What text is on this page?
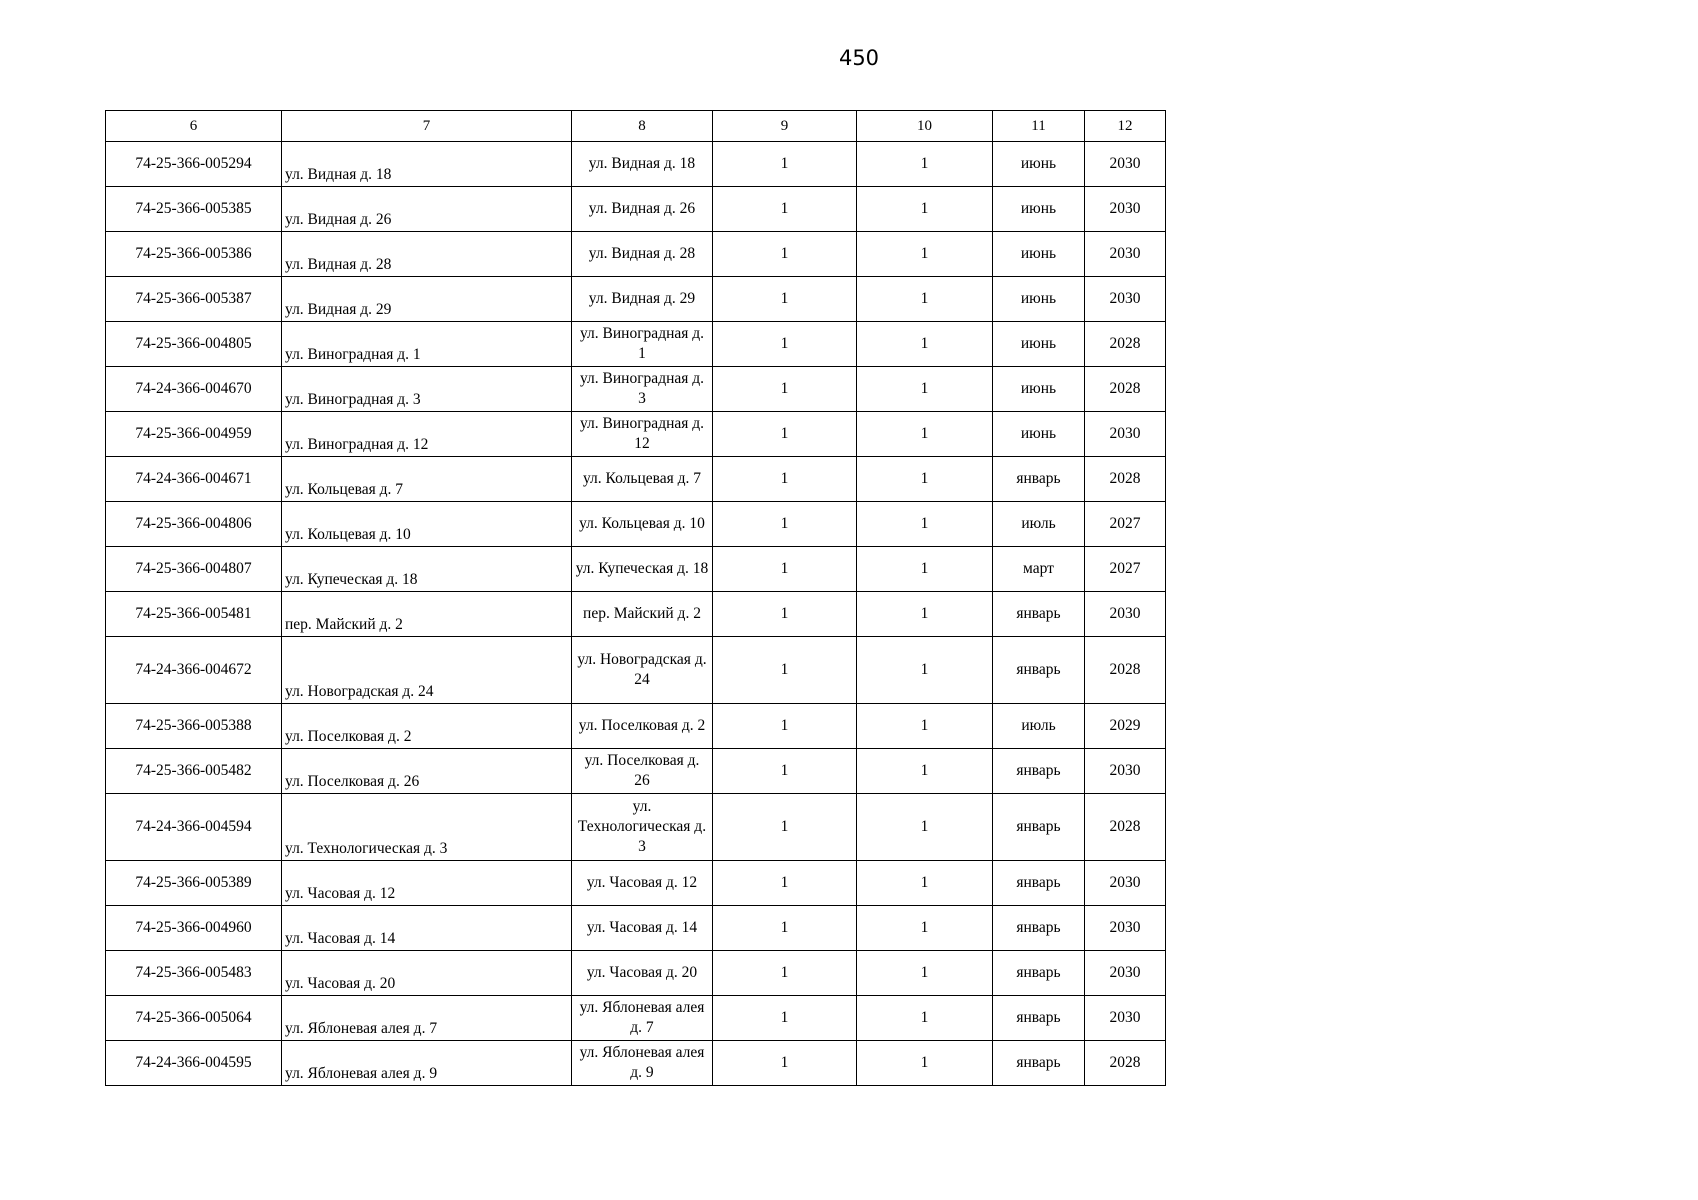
450
6	7	8	9	10	11	12
74-25-366-005294	ул. Видная д. 18	ул. Видная д. 18	1	1	июнь	2030
74-25-366-005385	ул. Видная д. 26	ул. Видная д. 26	1	1	июнь	2030
74-25-366-005386	ул. Видная д. 28	ул. Видная д. 28	1	1	июнь	2030
74-25-366-005387	ул. Видная д. 29	ул. Видная д. 29	1	1	июнь	2030
74-25-366-004805	ул. Виноградная д. 1	ул. Виноградная д. 1	1	1	июнь	2028
74-24-366-004670	ул. Виноградная д. 3	ул. Виноградная д. 3	1	1	июнь	2028
74-25-366-004959	ул. Виноградная д. 12	ул. Виноградная д. 12	1	1	июнь	2030
74-24-366-004671	ул. Кольцевая д. 7	ул. Кольцевая д. 7	1	1	январь	2028
74-25-366-004806	ул. Кольцевая д. 10	ул. Кольцевая д. 10	1	1	июль	2027
74-25-366-004807	ул. Купеческая д. 18	ул. Купеческая д. 18	1	1	март	2027
74-25-366-005481	пер. Майский д. 2	пер. Майский д. 2	1	1	январь	2030
74-24-366-004672	ул. Новоградская д. 24	ул. Новоградская д. 24	1	1	январь	2028
74-25-366-005388	ул. Поселковая д. 2	ул. Поселковая д. 2	1	1	июль	2029
74-25-366-005482	ул. Поселковая д. 26	ул. Поселковая д. 26	1	1	январь	2030
74-24-366-004594	ул. Технологическая д. 3	ул. Технологическая д. 3	1	1	январь	2028
74-25-366-005389	ул. Часовая д. 12	ул. Часовая д. 12	1	1	январь	2030
74-25-366-004960	ул. Часовая д. 14	ул. Часовая д. 14	1	1	январь	2030
74-25-366-005483	ул. Часовая д. 20	ул. Часовая д. 20	1	1	январь	2030
74-25-366-005064	ул. Яблоневая алея д. 7	ул. Яблоневая алея д. 7	1	1	январь	2030
74-24-366-004595	ул. Яблоневая алея д. 9	ул. Яблоневая алея д. 9	1	1	январь	2028
